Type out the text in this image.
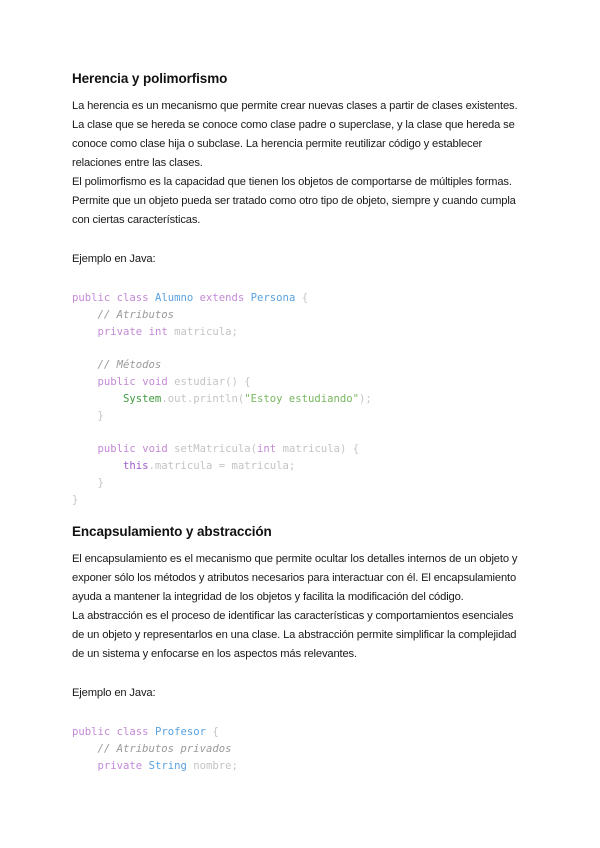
Herencia y polimorfismo
La herencia es un mecanismo que permite crear nuevas clases a partir de clases existentes.
La clase que se hereda se conoce como clase padre o superclase, y la clase que hereda se
conoce como clase hija o subclase. La herencia permite reutilizar código y establecer
relaciones entre las clases.
El polimorfismo es la capacidad que tienen los objetos de comportarse de múltiples formas.
Permite que un objeto pueda ser tratado como otro tipo de objeto, siempre y cuando cumpla
con ciertas características.
Ejemplo en Java:
public class Alumno extends Persona {
// Atributos
private int matricula;

// Métodos
public void estudiar() {
System.out.println("Estoy estudiando");
}

public void setMatricula(int matricula) {
this.matricula = matricula;
}
}
Encapsulamiento y abstracción
El encapsulamiento es el mecanismo que permite ocultar los detalles internos de un objeto y
exponer sólo los métodos y atributos necesarios para interactuar con él. El encapsulamiento
ayuda a mantener la integridad de los objetos y facilita la modificación del código.
La abstracción es el proceso de identificar las características y comportamientos esenciales
de un objeto y representarlos en una clase. La abstracción permite simplificar la complejidad
de un sistema y enfocarse en los aspectos más relevantes.
Ejemplo en Java:
public class Profesor {
// Atributos privados
private String nombre;
